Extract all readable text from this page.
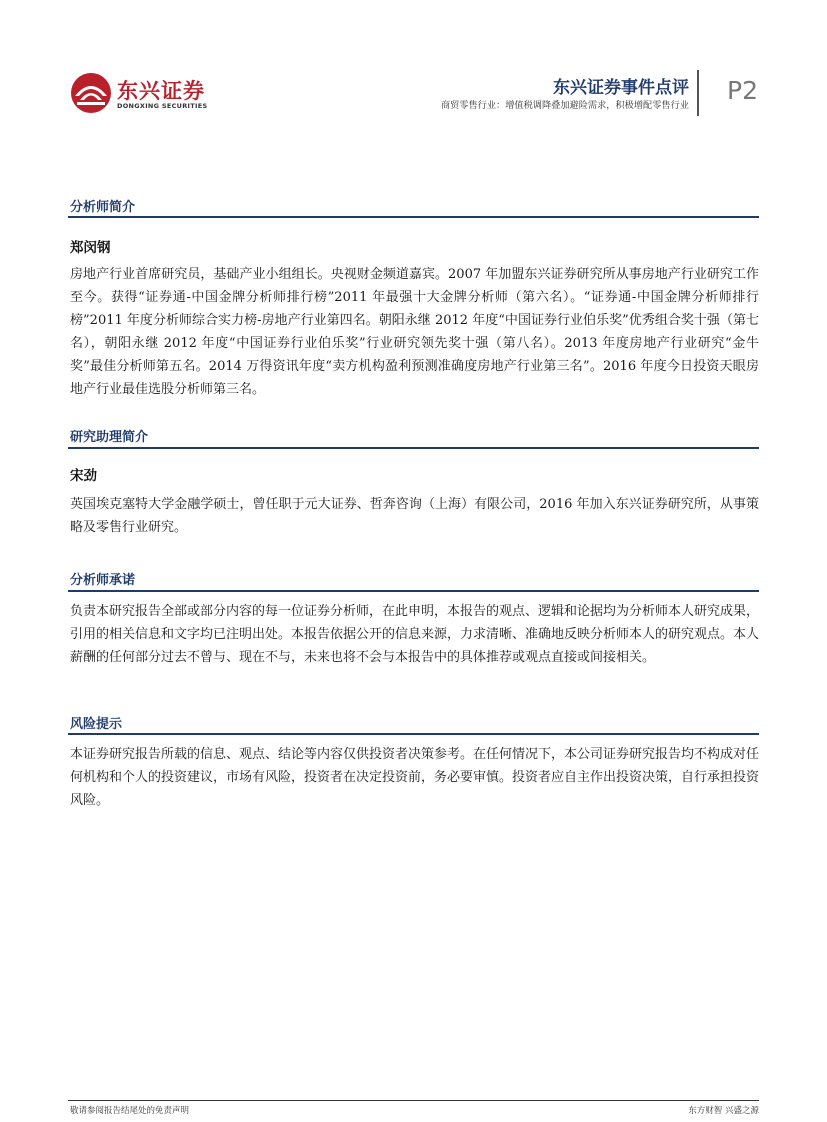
东兴证券
DONGXING SECURITIES
东兴证券事件点评
商贸零售行业：增值税调降叠加避险需求，积极增配零售行业
P2
分析师简介
郑闵钢
房地产行业首席研究员，基础产业小组组长。央视财金频道嘉宾。2007 年加盟东兴证券研究所从事房地产行业研究工作至今。获得“证券通-中国金牌分析师排行榜”2011 年最强十大金牌分析师（第六名）。“证券通-中国金牌分析师排行榜”2011 年度分析师综合实力榜-房地产行业第四名。朝阳永继 2012 年度“中国证券行业伯乐奖”优秀组合奖十强（第七名），朝阳永继 2012 年度“中国证券行业伯乐奖”行业研究领先奖十强（第八名）。2013 年度房地产行业研究“金牛奖”最佳分析师第五名。2014 万得资讯年度“卖方机构盈利预测准确度房地产行业第三名”。2016 年度今日投资天眼房地产行业最佳选股分析师第三名。
研究助理简介
宋劲
英国埃克塞特大学金融学硕士，曾任职于元大证券、哲奔咨询（上海）有限公司，2016 年加入东兴证券研究所，从事策略及零售行业研究。
分析师承诺
负责本研究报告全部或部分内容的每一位证券分析师，在此申明，本报告的观点、逻辑和论据均为分析师本人研究成果，引用的相关信息和文字均已注明出处。本报告依据公开的信息来源，力求清晰、准确地反映分析师本人的研究观点。本人薪酬的任何部分过去不曾与、现在不与，未来也将不会与本报告中的具体推荐或观点直接或间接相关。
风险提示
本证券研究报告所载的信息、观点、结论等内容仅供投资者决策参考。在任何情况下，本公司证券研究报告均不构成对任何机构和个人的投资建议，市场有风险，投资者在决定投资前，务必要审慎。投资者应自主作出投资决策，自行承担投资风险。
敬请参阅报告结尾处的免责声明	东方财智 兴盛之源
